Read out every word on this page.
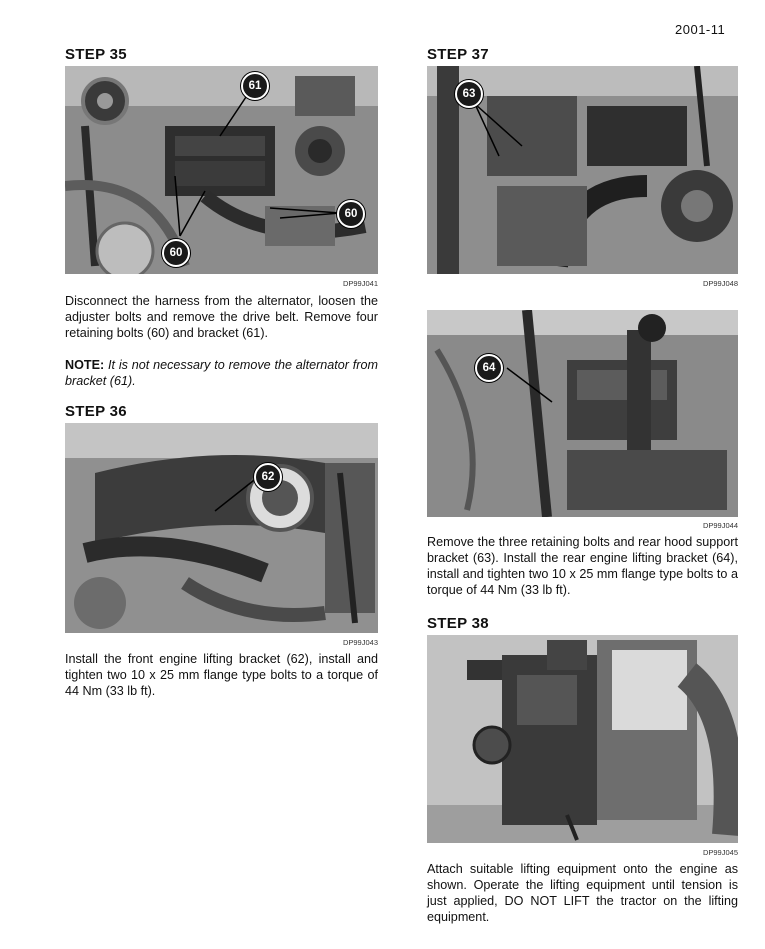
2001-11
STEP 35
61
60
60
DP99J041
Disconnect the harness from the alternator, loosen the adjuster bolts and remove the drive belt. Remove four retaining bolts (60) and bracket (61).
NOTE: It is not necessary to remove the alternator from bracket (61).
STEP 36
62
DP99J043
Install the front engine lifting bracket (62), install and tighten two 10 x 25 mm flange type bolts to a torque of 44 Nm (33 lb ft).
STEP 37
63
DP99J048
64
DP99J044
Remove the three retaining bolts and rear hood support bracket (63). Install the rear engine lifting bracket (64), install and tighten two 10 x 25 mm flange type bolts to a torque of 44 Nm (33 lb ft).
STEP 38
DP99J045
Attach suitable lifting equipment onto the engine as shown. Operate the lifting equipment until tension is just applied, DO NOT LIFT the tractor on the lifting equipment.
